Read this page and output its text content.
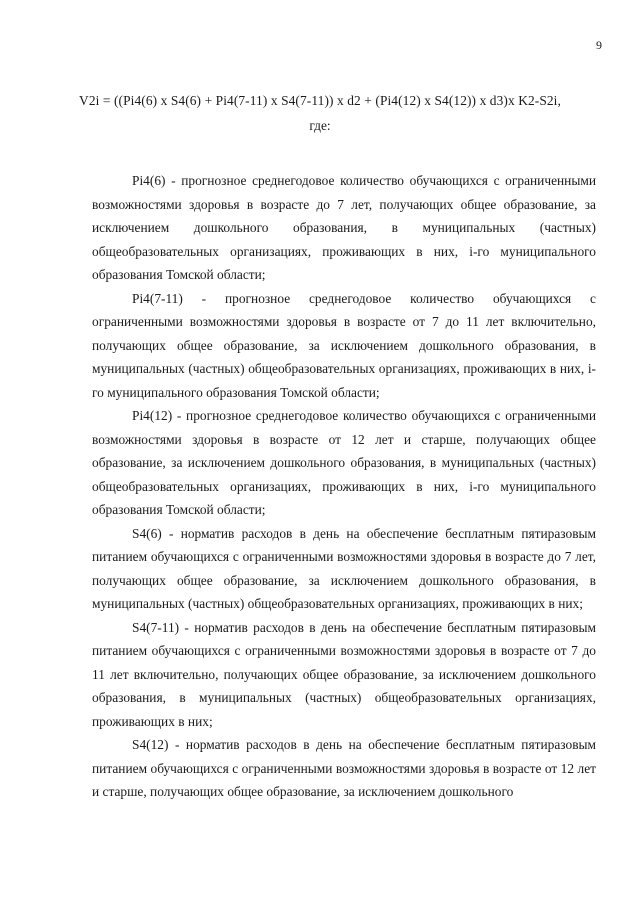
9
V2i = ((Pi4(6) x S4(6) + Pi4(7-11) x S4(7-11)) x d2 + (Pi4(12) x S4(12)) x d3)x K2-S2i,
где:

Pi4(6) - прогнозное среднегодовое количество обучающихся с ограниченными возможностями здоровья в возрасте до 7 лет, получающих общее образование, за исключением дошкольного образования, в муниципальных (частных) общеобразовательных организациях, проживающих в них, i-го муниципального образования Томской области;

Pi4(7-11) - прогнозное среднегодовое количество обучающихся с ограниченными возможностями здоровья в возрасте от 7 до 11 лет включительно, получающих общее образование, за исключением дошкольного образования, в муниципальных (частных) общеобразовательных организациях, проживающих в них, i-го муниципального образования Томской области;

Pi4(12) - прогнозное среднегодовое количество обучающихся с ограниченными возможностями здоровья в возрасте от 12 лет и старше, получающих общее образование, за исключением дошкольного образования, в муниципальных (частных) общеобразовательных организациях, проживающих в них, i-го муниципального образования Томской области;

S4(6) - норматив расходов в день на обеспечение бесплатным пятиразовым питанием обучающихся с ограниченными возможностями здоровья в возрасте до 7 лет, получающих общее образование, за исключением дошкольного образования, в муниципальных (частных) общеобразовательных организациях, проживающих в них;

S4(7-11) - норматив расходов в день на обеспечение бесплатным пятиразовым питанием обучающихся с ограниченными возможностями здоровья в возрасте от 7 до 11 лет включительно, получающих общее образование, за исключением дошкольного образования, в муниципальных (частных) общеобразовательных организациях, проживающих в них;

S4(12) - норматив расходов в день на обеспечение бесплатным пятиразовым питанием обучающихся с ограниченными возможностями здоровья в возрасте от 12 лет и старше, получающих общее образование, за исключением дошкольного
